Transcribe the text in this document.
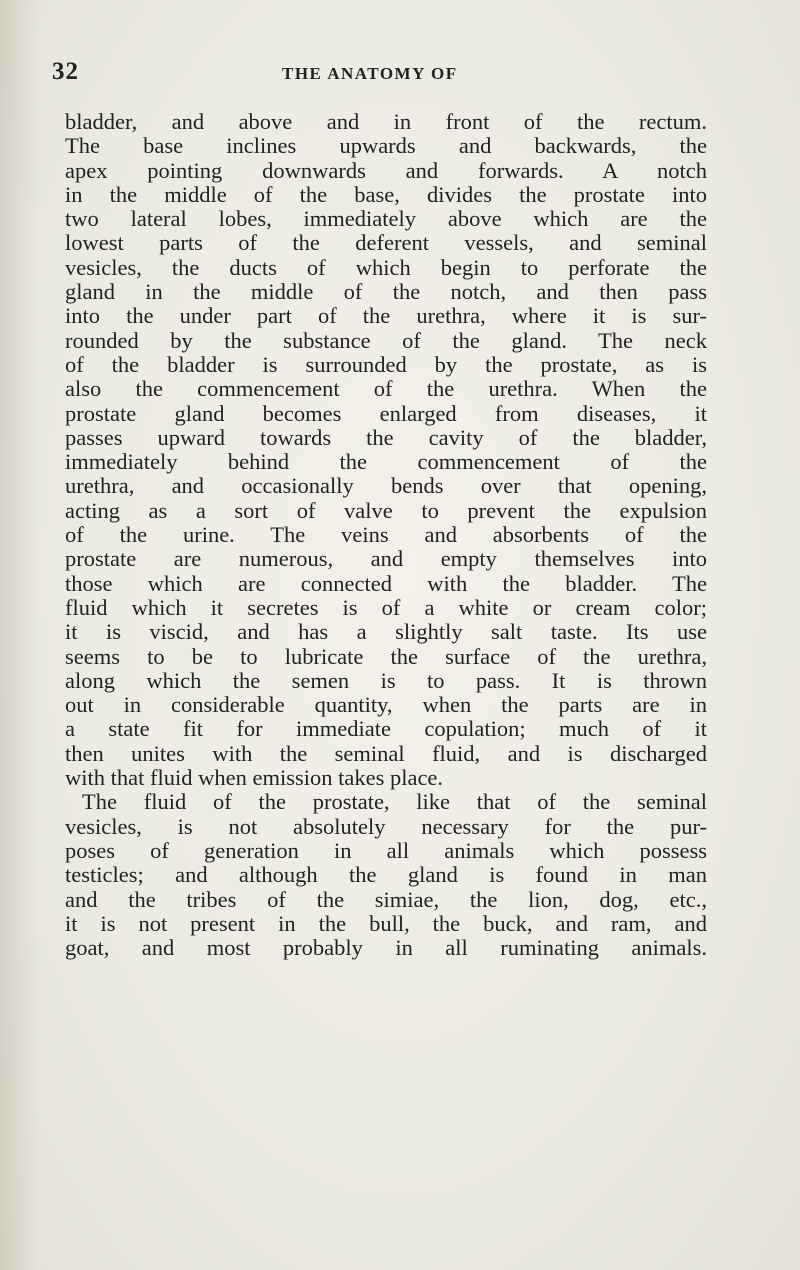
32	THE ANATOMY OF
bladder, and above and in front of the rectum.
The base inclines upwards and backwards, the
apex pointing downwards and forwards. A notch
in the middle of the base, divides the prostate into
two lateral lobes, immediately above which are the
lowest parts of the deferent vessels, and seminal
vesicles, the ducts of which begin to perforate the
gland in the middle of the notch, and then pass
into the under part of the urethra, where it is sur-
rounded by the substance of the gland. The neck
of the bladder is surrounded by the prostate, as is
also the commencement of the urethra. When the
prostate gland becomes enlarged from diseases, it
passes upward towards the cavity of the bladder,
immediately behind the commencement of the
urethra, and occasionally bends over that opening,
acting as a sort of valve to prevent the expulsion
of the urine. The veins and absorbents of the
prostate are numerous, and empty themselves into
those which are connected with the bladder. The
fluid which it secretes is of a white or cream color;
it is viscid, and has a slightly salt taste. Its use
seems to be to lubricate the surface of the urethra,
along which the semen is to pass. It is thrown
out in considerable quantity, when the parts are in
a state fit for immediate copulation; much of it
then unites with the seminal fluid, and is discharged
with that fluid when emission takes place.
The fluid of the prostate, like that of the seminal
vesicles, is not absolutely necessary for the pur-
poses of generation in all animals which possess
testicles; and although the gland is found in man
and the tribes of the simiae, the lion, dog, etc.,
it is not present in the bull, the buck, and ram, and
goat, and most probably in all ruminating animals.
